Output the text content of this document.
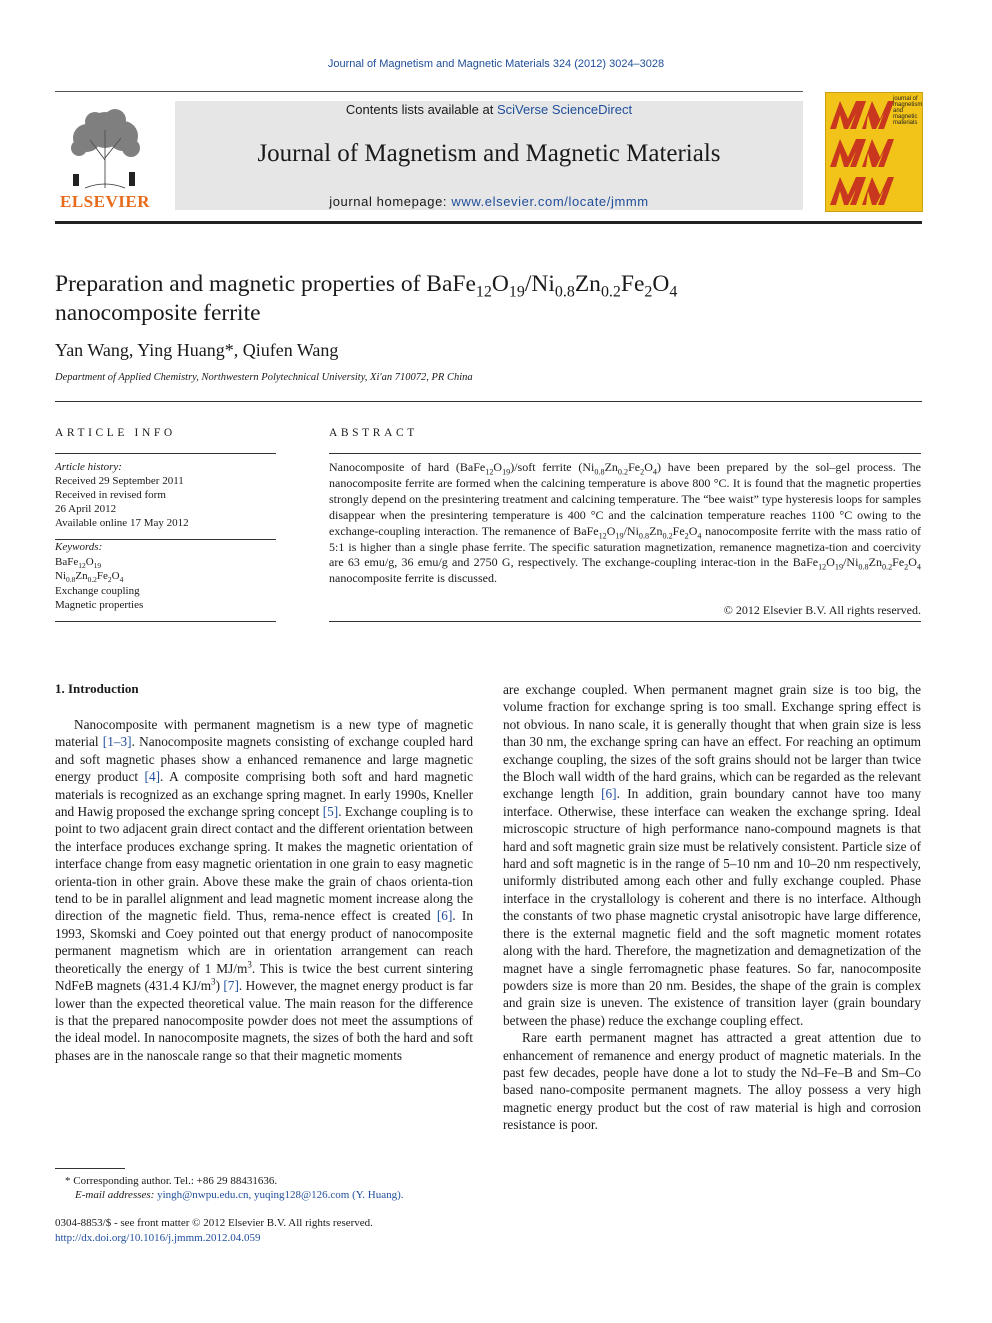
Journal of Magnetism and Magnetic Materials 324 (2012) 3024–3028
ELSEVIER
Contents lists available at SciVerse ScienceDirect
Journal of Magnetism and Magnetic Materials
journal homepage: www.elsevier.com/locate/jmmm
journal of magnetism and magnetic materials
Preparation and magnetic properties of $BaFe_{12}O_{19}/Ni_{0.8}Zn_{0.2}Fe_2O_4$
nanocomposite ferrite
Yan Wang, Ying Huang*, Qiufen Wang
Department of Applied Chemistry, Northwestern Polytechnical University, Xi'an 710072, PR China
ARTICLE INFO	ABSTRACT
Article history:
Received 29 September 2011
Received in revised form
26 April 2012
Available online 17 May 2012
Keywords:
$BaFe_{12}O_{19}$
$Ni_{0.8}Zn_{0.2}Fe_2O_4$
Exchange coupling
Magnetic properties
Nanocomposite of hard $(BaFe_{12}O_{19})$/soft ferrite $(Ni_{0.8}Zn_{0.2}Fe_2O_4)$ have been prepared by the sol–gel process. The nanocomposite ferrite are formed when the calcining temperature is above 800 °C. It is found that the magnetic properties strongly depend on the presintering treatment and calcining temperature. The “bee waist” type hysteresis loops for samples disappear when the presintering temperature is 400 °C and the calcination temperature reaches 1100 °C owing to the exchange-coupling interaction. The remanence of $BaFe_{12}O_{19}/Ni_{0.8}Zn_{0.2}Fe_2O_4$ nanocomposite ferrite with the mass ratio of 5:1 is higher than a single phase ferrite. The specific saturation magnetization, remanence magnetiza-tion and coercivity are 63 emu/g, 36 emu/g and 2750 G, respectively. The exchange-coupling interac-tion in the $BaFe_{12}O_{19}/Ni_{0.8}Zn_{0.2}Fe_2O_4$ nanocomposite ferrite is discussed.
© 2012 Elsevier B.V. All rights reserved.
1. Introduction

Nanocomposite with permanent magnetism is a new type of magnetic material [1–3]. Nanocomposite magnets consisting of exchange coupled hard and soft magnetic phases show a enhanced remanence and large magnetic energy product [4]. A composite comprising both soft and hard magnetic materials is recognized as an exchange spring magnet. In early 1990s, Kneller and Hawig proposed the exchange spring concept [5]. Exchange coupling is to point to two adjacent grain direct contact and the different orientation between the interface produces exchange spring. It makes the magnetic orientation of interface change from easy magnetic orientation in one grain to easy magnetic orienta-tion in other grain. Above these make the grain of chaos orienta-tion tend to be in parallel alignment and lead magnetic moment increase along the direction of the magnetic field. Thus, rema-nence effect is created [6]. In 1993, Skomski and Coey pointed out that energy product of nanocomposite permanent magnetism which are in orientation arrangement can reach theoretically the energy of 1 $MJ/m^3$. This is twice the best current sintering NdFeB magnets (431.4 $KJ/m^3$) [7]. However, the magnet energy product is far lower than the expected theoretical value. The main reason for the difference is that the prepared nanocomposite powder does not meet the assumptions of the ideal model. In nanocomposite magnets, the sizes of both the hard and soft phases are in the nanoscale range so that their magnetic moments

are exchange coupled. When permanent magnet grain size is too big, the volume fraction for exchange spring is too small. Exchange spring effect is not obvious. In nano scale, it is generally thought that when grain size is less than 30 nm, the exchange spring can have an effect. For reaching an optimum exchange coupling, the sizes of the soft grains should not be larger than twice the Bloch wall width of the hard grains, which can be regarded as the relevant exchange length [6]. In addition, grain boundary cannot have too many interface. Otherwise, these interface can weaken the exchange spring. Ideal microscopic structure of high performance nano-compound magnets is that hard and soft magnetic grain size must be relatively consistent. Particle size of hard and soft magnetic is in the range of 5–10 nm and 10–20 nm respectively, uniformly distributed among each other and fully exchange coupled. Phase interface in the crystallology is coherent and there is no interface. Although the constants of two phase magnetic crystal anisotropic have large difference, there is the external magnetic field and the soft magnetic moment rotates along with the hard. Therefore, the magnetization and demagnetization of the magnet have a single ferromagnetic phase features. So far, nanocomposite powders size is more than 20 nm. Besides, the shape of the grain is complex and grain size is uneven. The existence of transition layer (grain boundary between the phase) reduce the exchange coupling effect.

Rare earth permanent magnet has attracted a great attention due to enhancement of remanence and energy product of magnetic materials. In the past few decades, people have done a lot to study the Nd–Fe–B and Sm–Co based nano-composite permanent magnets. The alloy possess a very high magnetic energy product but the cost of raw material is high and corrosion resistance is poor.

* Corresponding author. Tel.: +86 29 88431636.
E-mail addresses: yingh@nwpu.edu.cn, yuqing128@126.com (Y. Huang).
0304-8853/$ - see front matter © 2012 Elsevier B.V. All rights reserved.
http://dx.doi.org/10.1016/j.jmmm.2012.04.059
